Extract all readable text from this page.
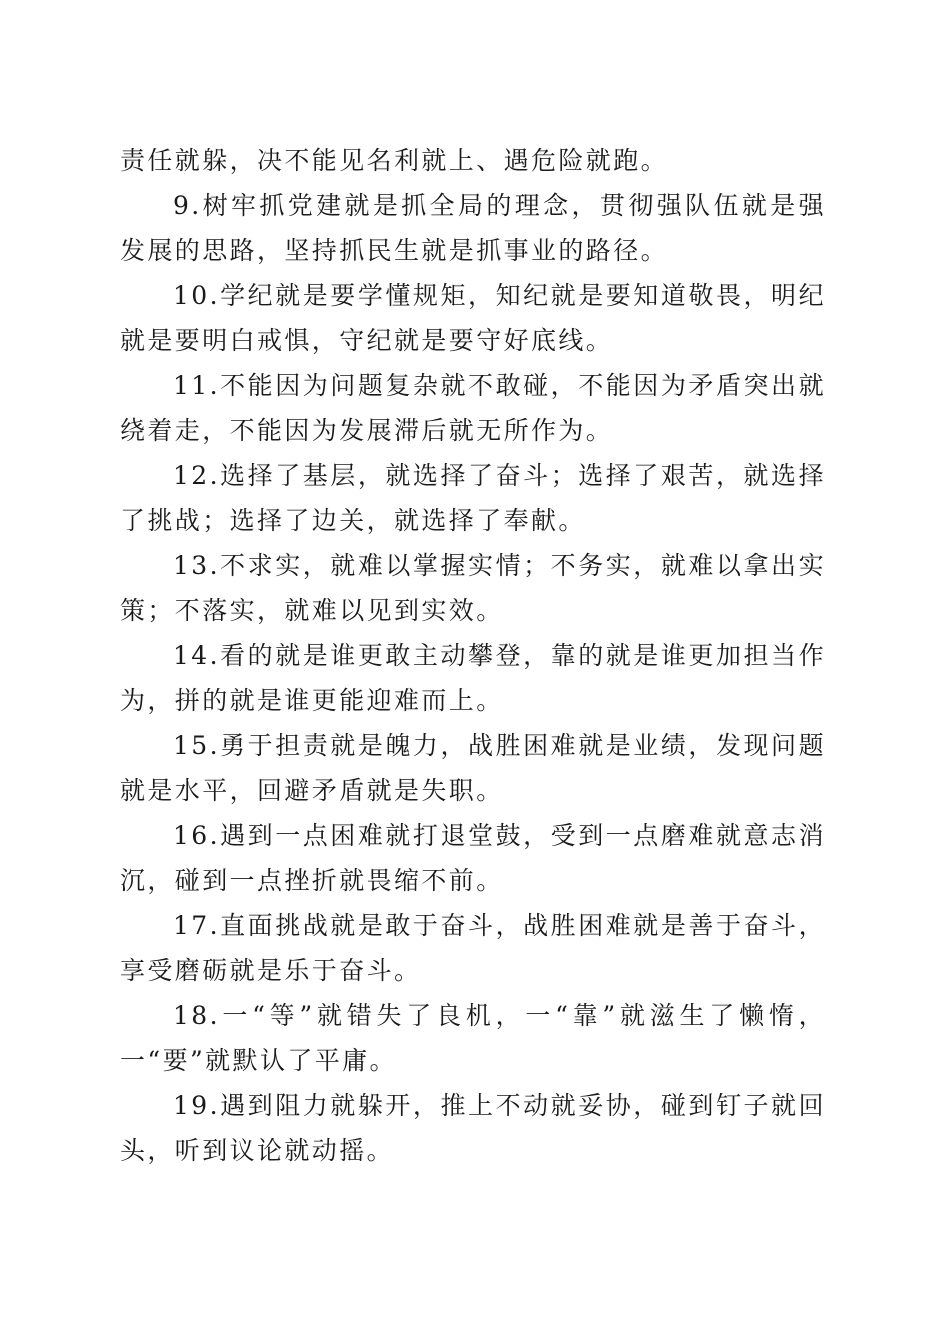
责任就躲，决不能见名利就上、遇危险就跑。

9.树牢抓党建就是抓全局的理念，贯彻强队伍就是强发展的思路，坚持抓民生就是抓事业的路径。

10.学纪就是要学懂规矩，知纪就是要知道敬畏，明纪就是要明白戒惧，守纪就是要守好底线。

11.不能因为问题复杂就不敢碰，不能因为矛盾突出就绕着走，不能因为发展滞后就无所作为。

12.选择了基层，就选择了奋斗；选择了艰苦，就选择了挑战；选择了边关，就选择了奉献。

13.不求实，就难以掌握实情；不务实，就难以拿出实策；不落实，就难以见到实效。

14.看的就是谁更敢主动攀登，靠的就是谁更加担当作为，拼的就是谁更能迎难而上。

15.勇于担责就是魄力，战胜困难就是业绩，发现问题就是水平，回避矛盾就是失职。

16.遇到一点困难就打退堂鼓，受到一点磨难就意志消沉，碰到一点挫折就畏缩不前。

17.直面挑战就是敢于奋斗，战胜困难就是善于奋斗，享受磨砺就是乐于奋斗。

18.一“等”就错失了良机，一“靠”就滋生了懒惰，一“要”就默认了平庸。

19.遇到阻力就躲开，推上不动就妥协，碰到钉子就回头，听到议论就动摇。
